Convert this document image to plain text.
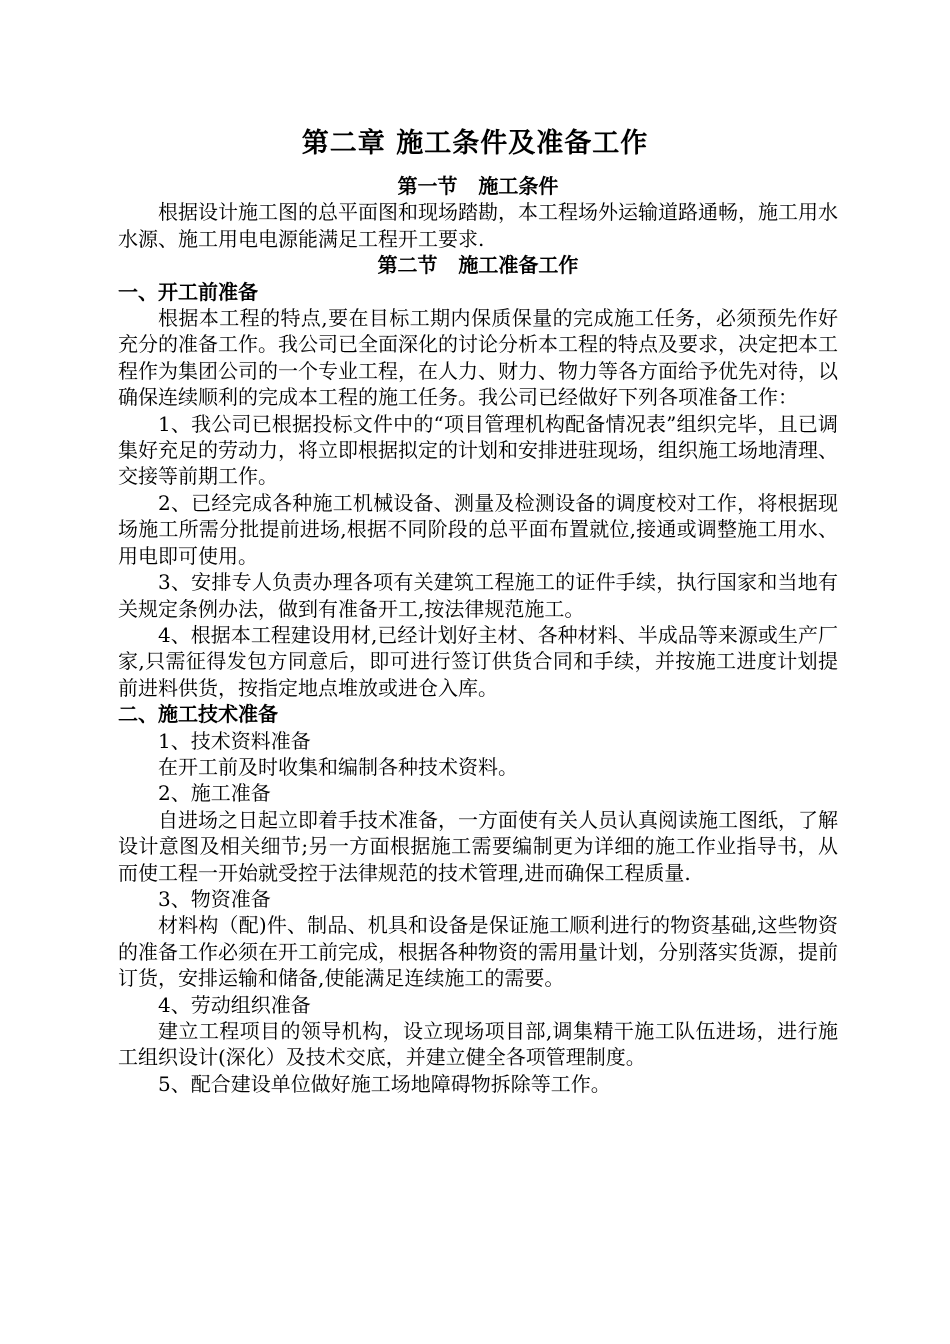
第二章 施工条件及准备工作

第一节   施工条件

根据设计施工图的总平面图和现场踏勘，本工程场外运输道路通畅，施工用水水源、施工用电电源能满足工程开工要求.

第二节   施工准备工作

一、开工前准备

根据本工程的特点,要在目标工期内保质保量的完成施工任务，必须预先作好充分的准备工作。我公司已全面深化的讨论分析本工程的特点及要求，决定把本工程作为集团公司的一个专业工程，在人力、财力、物力等各方面给予优先对待，以确保连续顺利的完成本工程的施工任务。我公司已经做好下列各项准备工作：

1、我公司已根据投标文件中的“项目管理机构配备情况表”组织完毕，且已调集好充足的劳动力，将立即根据拟定的计划和安排进驻现场，组织施工场地清理、交接等前期工作。

2、已经完成各种施工机械设备、测量及检测设备的调度校对工作，将根据现场施工所需分批提前进场,根据不同阶段的总平面布置就位,接通或调整施工用水、用电即可使用。

3、安排专人负责办理各项有关建筑工程施工的证件手续，执行国家和当地有关规定条例办法，做到有准备开工,按法律规范施工。

4、根据本工程建设用材,已经计划好主材、各种材料、半成品等来源或生产厂家,只需征得发包方同意后，即可进行签订供货合同和手续，并按施工进度计划提前进料供货，按指定地点堆放或进仓入库。

二、施工技术准备

1、技术资料准备

在开工前及时收集和编制各种技术资料。

2、施工准备

自进场之日起立即着手技术准备，一方面使有关人员认真阅读施工图纸，了解设计意图及相关细节;另一方面根据施工需要编制更为详细的施工作业指导书，从而使工程一开始就受控于法律规范的技术管理,进而确保工程质量.

3、物资准备

材料构（配)件、制品、机具和设备是保证施工顺利进行的物资基础,这些物资的准备工作必须在开工前完成，根据各种物资的需用量计划，分别落实货源，提前订货，安排运输和储备,使能满足连续施工的需要。

4、劳动组织准备

建立工程项目的领导机构，设立现场项目部,调集精干施工队伍进场，进行施工组织设计(深化）及技术交底，并建立健全各项管理制度。

5、配合建设单位做好施工场地障碍物拆除等工作。
